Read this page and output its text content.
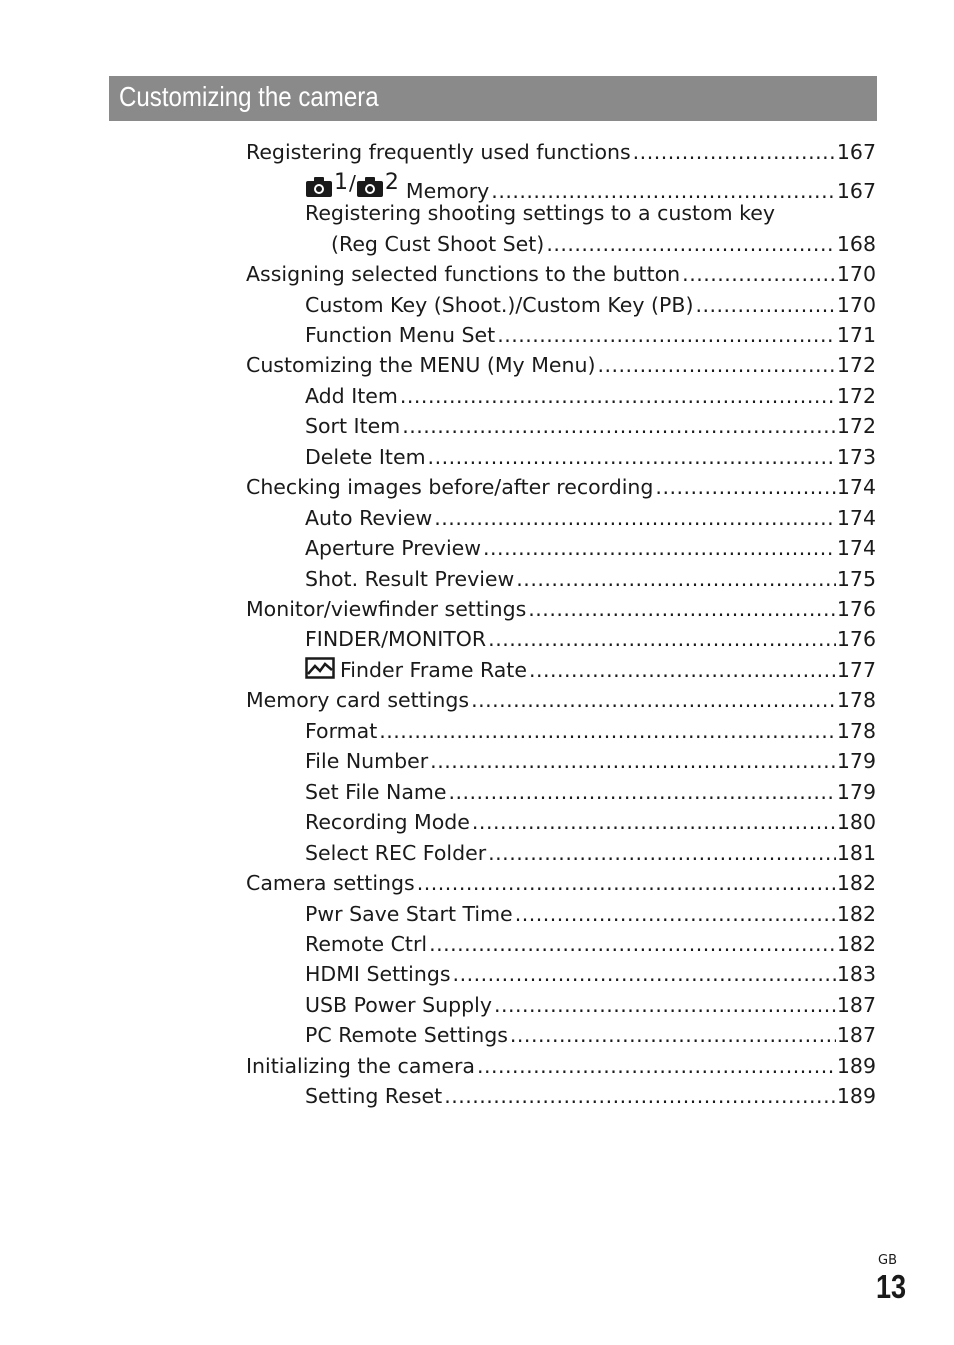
Customizing the camera
Registering frequently used functions .....	167
1 / 2 Memory .....	167
Registering shooting settings to a custom key
(Reg Cust Shoot Set) .....	168
Assigning selected functions to the button .....	170
Custom Key (Shoot.)/Custom Key (PB) .....	170
Function Menu Set .....	171
Customizing the MENU (My Menu) .....	172
Add Item .....	172
Sort Item .....	172
Delete Item .....	173
Checking images before/after recording .....	174
Auto Review .....	174
Aperture Preview .....	174
Shot. Result Preview .....	175
Monitor/viewfinder settings .....	176
FINDER/MONITOR .....	176
Finder Frame Rate .....	177
Memory card settings .....	178
Format .....	178
File Number .....	179
Set File Name .....	179
Recording Mode .....	180
Select REC Folder .....	181
Camera settings .....	182
Pwr Save Start Time .....	182
Remote Ctrl .....	182
HDMI Settings .....	183
USB Power Supply .....	187
PC Remote Settings .....	187
Initializing the camera .....	189
Setting Reset .....	189
GB
13
